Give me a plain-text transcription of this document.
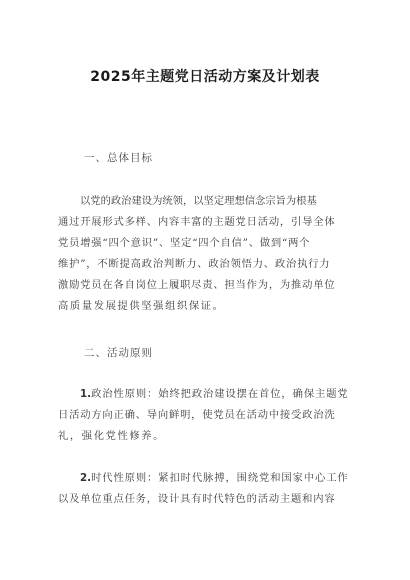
2025年主题党日活动方案及计划表
一、总体目标
以党的政治建设为统领，以坚定理想信念宗旨为根基
通过开展形式多样、内容丰富的主题党日活动，引导全体
党员增强“四个意识”、坚定“四个自信”、做到“两个
维护”，不断提高政治判断力、政治领悟力、政治执行力
激励党员在各自岗位上履职尽责、担当作为，为推动单位
高质量发展提供坚强组织保证。
二、活动原则
1. 政治性原则：始终把政治建设摆在首位，确保主题党
日活动方向正确、导向鲜明，使党员在活动中接受政治洗
礼，强化党性修养。
2. 时代性原则：紧扣时代脉搏，围绕党和国家中心工作
以及单位重点任务，设计具有时代特色的活动主题和内容
